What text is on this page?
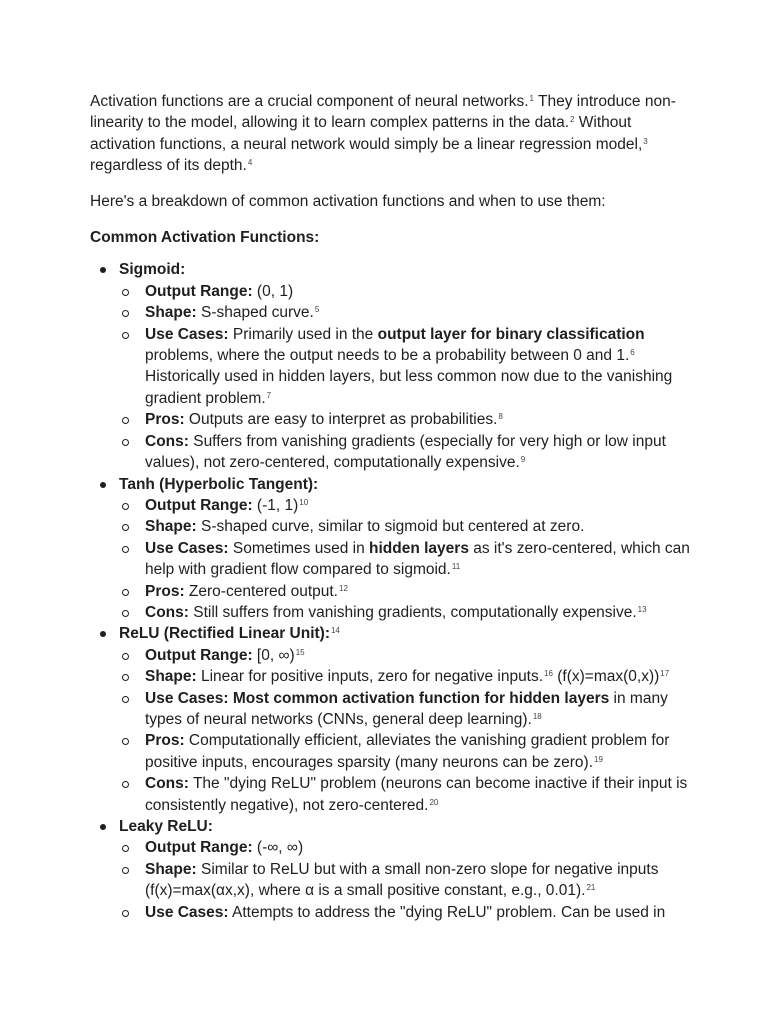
Activation functions are a crucial component of neural networks.$^1$ They introduce non-linearity to the model, allowing it to learn complex patterns in the data.$^2$ Without activation functions, a neural network would simply be a linear regression model,$^3$ regardless of its depth.$^4$

Here's a breakdown of common activation functions and when to use them:

Common Activation Functions:

Sigmoid:
Output Range: (0, 1)
Shape: S-shaped curve.$^5$
Use Cases: Primarily used in the output layer for binary classification problems, where the output needs to be a probability between 0 and 1.$^6$ Historically used in hidden layers, but less common now due to the vanishing gradient problem.$^7$
Pros: Outputs are easy to interpret as probabilities.$^8$
Cons: Suffers from vanishing gradients (especially for very high or low input values), not zero-centered, computationally expensive.$^9$
Tanh (Hyperbolic Tangent):
Output Range: (-1, 1)$^{10}$
Shape: S-shaped curve, similar to sigmoid but centered at zero.
Use Cases: Sometimes used in hidden layers as it's zero-centered, which can help with gradient flow compared to sigmoid.$^{11}$
Pros: Zero-centered output.$^{12}$
Cons: Still suffers from vanishing gradients, computationally expensive.$^{13}$
ReLU (Rectified Linear Unit):$^{14}$
Output Range: [0, ∞)$^{15}$
Shape: Linear for positive inputs, zero for negative inputs.$^{16}$ (f(x)=max(0,x))$^{17}$
Use Cases: Most common activation function for hidden layers in many types of neural networks (CNNs, general deep learning).$^{18}$
Pros: Computationally efficient, alleviates the vanishing gradient problem for positive inputs, encourages sparsity (many neurons can be zero).$^{19}$
Cons: The "dying ReLU" problem (neurons can become inactive if their input is consistently negative), not zero-centered.$^{20}$
Leaky ReLU:
Output Range: (-∞, ∞)
Shape: Similar to ReLU but with a small non-zero slope for negative inputs (f(x)=max(αx,x), where α is a small positive constant, e.g., 0.01).$^{21}$
Use Cases: Attempts to address the "dying ReLU" problem. Can be used in
